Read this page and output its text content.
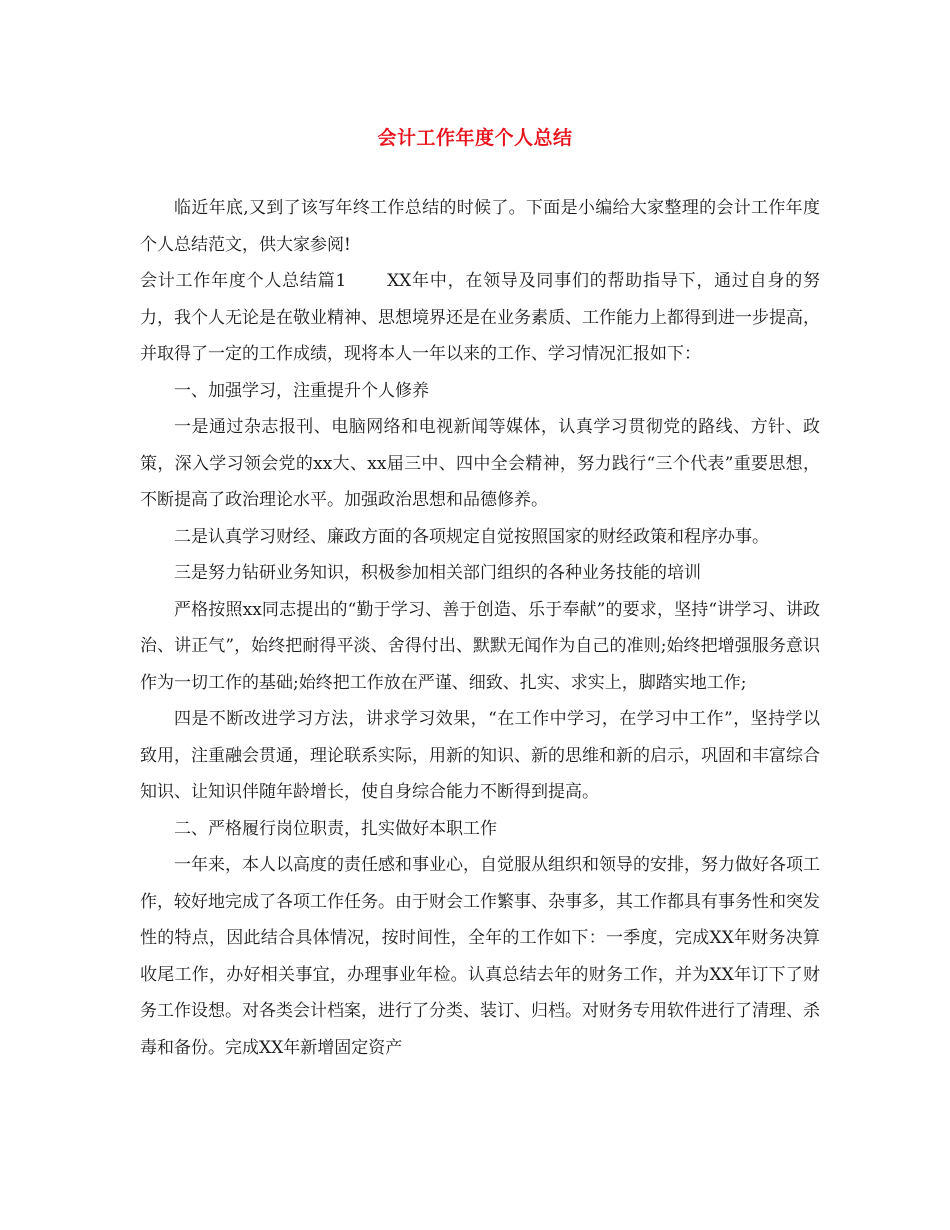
会计工作年度个人总结

临近年底,又到了该写年终工作总结的时候了。下面是小编给大家整理的会计工作年度个人总结范文，供大家参阅!

会计工作年度个人总结篇1 XX年中，在领导及同事们的帮助指导下，通过自身的努力，我个人无论是在敬业精神、思想境界还是在业务素质、工作能力上都得到进一步提高，并取得了一定的工作成绩，现将本人一年以来的工作、学习情况汇报如下：

一、加强学习，注重提升个人修养

一是通过杂志报刊、电脑网络和电视新闻等媒体，认真学习贯彻党的路线、方针、政策，深入学习领会党的xx大、xx届三中、四中全会精神，努力践行“三个代表”重要思想，不断提高了政治理论水平。加强政治思想和品德修养。

二是认真学习财经、廉政方面的各项规定自觉按照国家的财经政策和程序办事。

三是努力钻研业务知识，积极参加相关部门组织的各种业务技能的培训

严格按照xx同志提出的“勤于学习、善于创造、乐于奉献”的要求，坚持“讲学习、讲政治、讲正气”，始终把耐得平淡、舍得付出、默默无闻作为自己的准则;始终把增强服务意识作为一切工作的基础;始终把工作放在严谨、细致、扎实、求实上，脚踏实地工作;

四是不断改进学习方法，讲求学习效果，“在工作中学习，在学习中工作”，坚持学以致用，注重融会贯通，理论联系实际，用新的知识、新的思维和新的启示，巩固和丰富综合知识、让知识伴随年龄增长，使自身综合能力不断得到提高。

二、严格履行岗位职责，扎实做好本职工作

一年来，本人以高度的责任感和事业心，自觉服从组织和领导的安排，努力做好各项工作，较好地完成了各项工作任务。由于财会工作繁事、杂事多，其工作都具有事务性和突发性的特点，因此结合具体情况，按时间性，全年的工作如下：一季度，完成XX年财务决算收尾工作，办好相关事宜，办理事业年检。认真总结去年的财务工作，并为XX年订下了财务工作设想。对各类会计档案，进行了分类、装订、归档。对财务专用软件进行了清理、杀毒和备份。完成XX年新增固定资产
